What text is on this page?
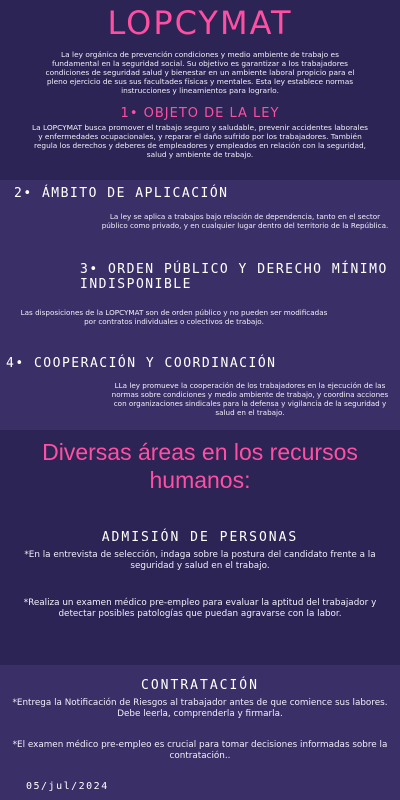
LOPCYMAT
La ley orgánica de prevención condiciones y medio ambiente de trabajo es fundamental en la seguridad social. Su objetivo es garantizar a los trabajadores condiciones de seguridad salud y bienestar en un ambiente laboral propicio para el pleno ejercicio de sus sus facultades físicas y mentales. Esta ley establece normas instrucciones y lineamientos para lograrlo.
1• OBJETO DE LA LEY
La LOPCYMAT busca promover el trabajo seguro y saludable, prevenir accidentes laborales y enfermedades ocupacionales, y reparar el daño sufrido por los trabajadores. También regula los derechos y deberes de empleadores y empleados en relación con la seguridad, salud y ambiente de trabajo.
2• ÁMBITO DE APLICACIÓN
La ley se aplica a trabajos bajo relación de dependencia, tanto en el sector público como privado, y en cualquier lugar dentro del territorio de la República.
3• ORDEN PÚBLICO Y DERECHO MÍNIMO INDISPONIBLE
Las disposiciones de la LOPCYMAT son de orden público y no pueden ser modificadas por contratos individuales o colectivos de trabajo.
4• COOPERACIÓN Y COORDINACIÓN
LLa ley promueve la cooperación de los trabajadores en la ejecución de las normas sobre condiciones y medio ambiente de trabajo, y coordina acciones con organizaciones sindicales para la defensa y vigilancia de la seguridad y salud en el trabajo.
Diversas áreas en los recursos humanos:
ADMISIÓN DE PERSONAS
*En la entrevista de selección, indaga sobre la postura del candidato frente a la seguridad y salud en el trabajo.
*Realiza un examen médico pre-empleo para evaluar la aptitud del trabajador y detectar posibles patologías que puedan agravarse con la labor.
CONTRATACIÓN
*Entrega la Notificación de Riesgos al trabajador antes de que comience sus labores. Debe leerla, comprenderla y firmarla.
*El examen médico pre-empleo es crucial para tomar decisiones informadas sobre la contratación..
05/jul/2024
